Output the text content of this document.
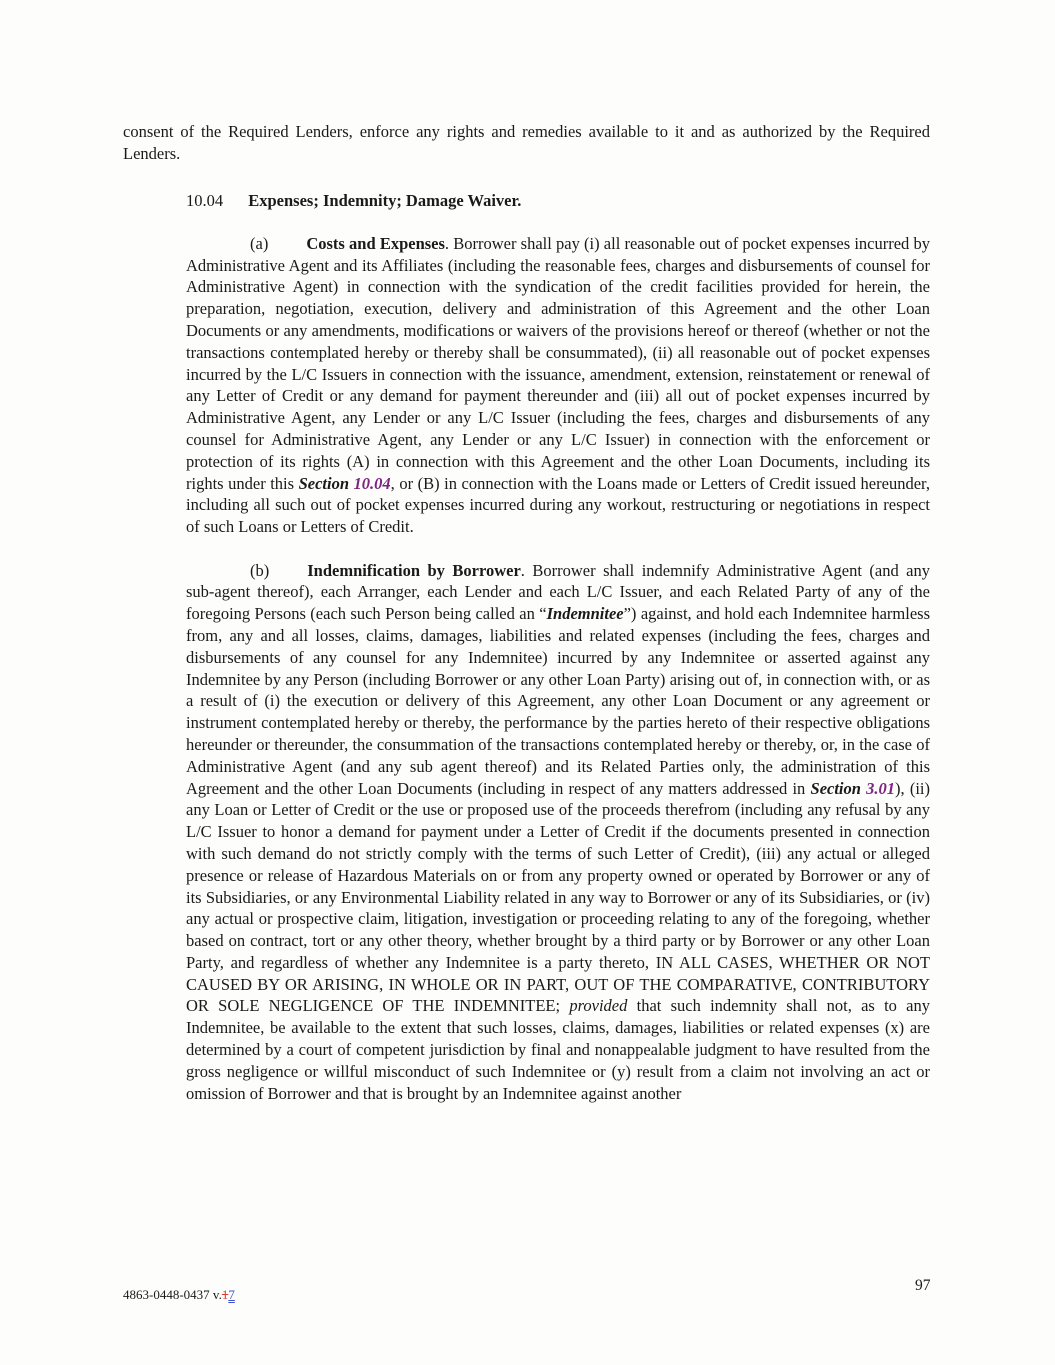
consent of the Required Lenders, enforce any rights and remedies available to it and as authorized by the Required Lenders.

10.04 Expenses; Indemnity; Damage Waiver.

(a) Costs and Expenses. Borrower shall pay (i) all reasonable out of pocket expenses incurred by Administrative Agent and its Affiliates (including the reasonable fees, charges and disbursements of counsel for Administrative Agent) in connection with the syndication of the credit facilities provided for herein, the preparation, negotiation, execution, delivery and administration of this Agreement and the other Loan Documents or any amendments, modifications or waivers of the provisions hereof or thereof (whether or not the transactions contemplated hereby or thereby shall be consummated), (ii) all reasonable out of pocket expenses incurred by the L/C Issuers in connection with the issuance, amendment, extension, reinstatement or renewal of any Letter of Credit or any demand for payment thereunder and (iii) all out of pocket expenses incurred by Administrative Agent, any Lender or any L/C Issuer (including the fees, charges and disbursements of any counsel for Administrative Agent, any Lender or any L/C Issuer) in connection with the enforcement or protection of its rights (A) in connection with this Agreement and the other Loan Documents, including its rights under this Section 10.04, or (B) in connection with the Loans made or Letters of Credit issued hereunder, including all such out of pocket expenses incurred during any workout, restructuring or negotiations in respect of such Loans or Letters of Credit.

(b) Indemnification by Borrower. Borrower shall indemnify Administrative Agent (and any sub-agent thereof), each Arranger, each Lender and each L/C Issuer, and each Related Party of any of the foregoing Persons (each such Person being called an “Indemnitee”) against, and hold each Indemnitee harmless from, any and all losses, claims, damages, liabilities and related expenses (including the fees, charges and disbursements of any counsel for any Indemnitee) incurred by any Indemnitee or asserted against any Indemnitee by any Person (including Borrower or any other Loan Party) arising out of, in connection with, or as a result of (i) the execution or delivery of this Agreement, any other Loan Document or any agreement or instrument contemplated hereby or thereby, the performance by the parties hereto of their respective obligations hereunder or thereunder, the consummation of the transactions contemplated hereby or thereby, or, in the case of Administrative Agent (and any sub agent thereof) and its Related Parties only, the administration of this Agreement and the other Loan Documents (including in respect of any matters addressed in Section 3.01), (ii) any Loan or Letter of Credit or the use or proposed use of the proceeds therefrom (including any refusal by any L/C Issuer to honor a demand for payment under a Letter of Credit if the documents presented in connection with such demand do not strictly comply with the terms of such Letter of Credit), (iii) any actual or alleged presence or release of Hazardous Materials on or from any property owned or operated by Borrower or any of its Subsidiaries, or any Environmental Liability related in any way to Borrower or any of its Subsidiaries, or (iv) any actual or prospective claim, litigation, investigation or proceeding relating to any of the foregoing, whether based on contract, tort or any other theory, whether brought by a third party or by Borrower or any other Loan Party, and regardless of whether any Indemnitee is a party thereto, IN ALL CASES, WHETHER OR NOT CAUSED BY OR ARISING, IN WHOLE OR IN PART, OUT OF THE COMPARATIVE, CONTRIBUTORY OR SOLE NEGLIGENCE OF THE INDEMNITEE; provided that such indemnity shall not, as to any Indemnitee, be available to the extent that such losses, claims, damages, liabilities or related expenses (x) are determined by a court of competent jurisdiction by final and nonappealable judgment to have resulted from the gross negligence or willful misconduct of such Indemnitee or (y) result from a claim not involving an act or omission of Borrower and that is brought by an Indemnitee against another

4863-0448-0437 v.17
97
